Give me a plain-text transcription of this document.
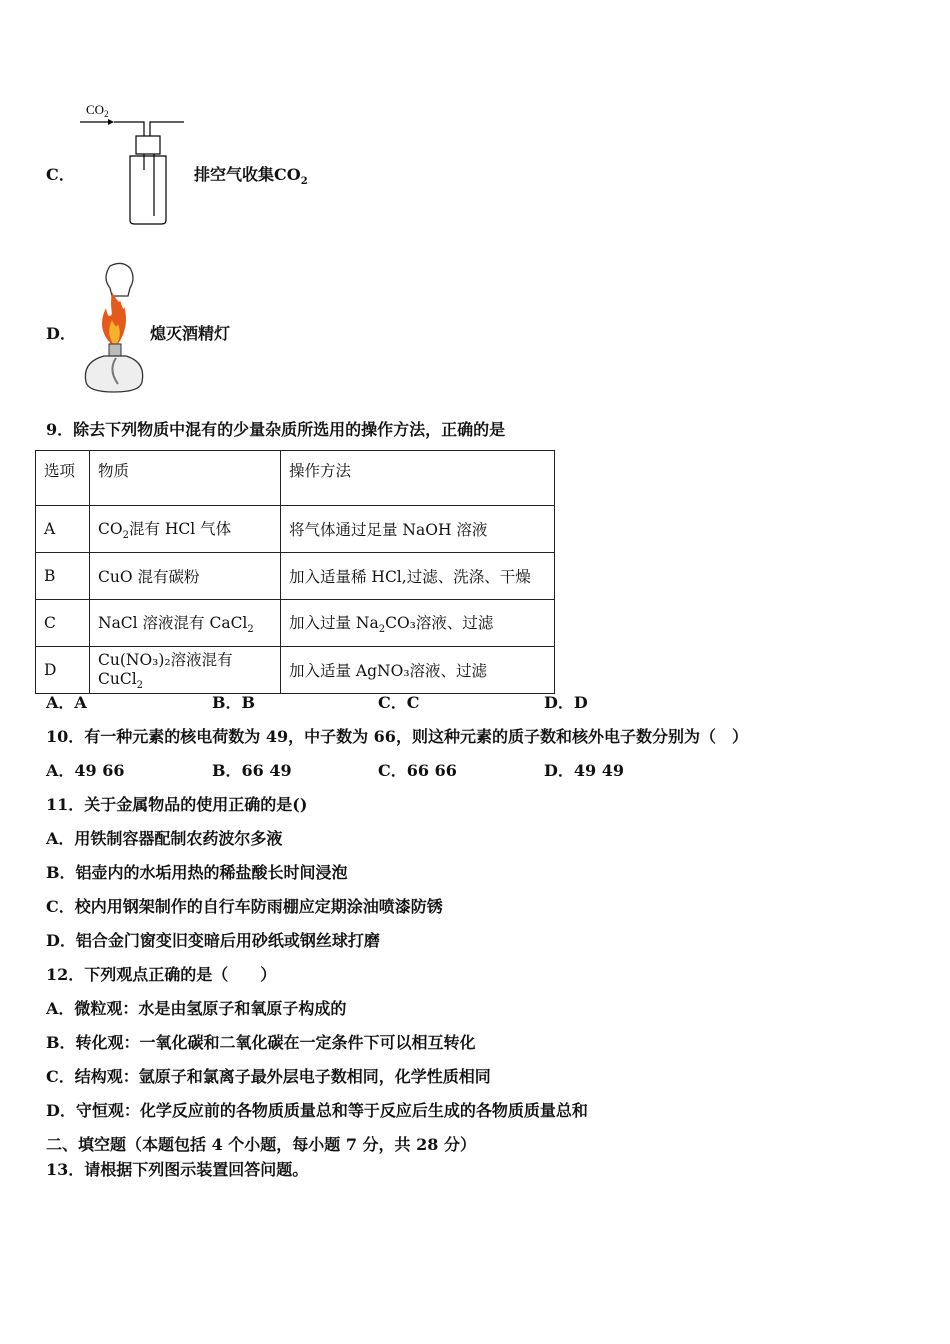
C．
$CO_2$
排空气收集$CO_2$
D．	熄灭酒精灯
9．除去下列物质中混有的少量杂质所选用的操作方法，正确的是
选项	物质	操作方法
A	$CO_2$混有 HCl 气体	将气体通过足量 NaOH 溶液
B	CuO 混有碳粉	加入适量稀 HCl,过滤、洗涤、干燥
C	NaCl 溶液混有 CaCl$_2$	加入过量 $Na_2CO_3$溶液、过滤
D	Cu(NO₃)₂溶液混有 CuCl$_2$	加入适量 AgNO₃溶液、过滤
A．A	B．B	C．C	D．D
10．有一种元素的核电荷数为 49，中子数为 66，则这种元素的质子数和核外电子数分别为（　）
A．49 66	B．66 49	C．66 66	D．49 49
11．关于金属物品的使用正确的是()
A．用铁制容器配制农药波尔多液
B．铝壶内的水垢用热的稀盐酸长时间浸泡
C．校内用钢架制作的自行车防雨棚应定期涂油喷漆防锈
D．铝合金门窗变旧变暗后用砂纸或钢丝球打磨
12．下列观点正确的是（　　）
A．微粒观：水是由氢原子和氧原子构成的
B．转化观：一氧化碳和二氧化碳在一定条件下可以相互转化
C．结构观：氩原子和氯离子最外层电子数相同，化学性质相同
D．守恒观：化学反应前的各物质质量总和等于反应后生成的各物质质量总和
二、填空题（本题包括 4 个小题，每小题 7 分，共 28 分）
13．请根据下列图示装置回答问题。
